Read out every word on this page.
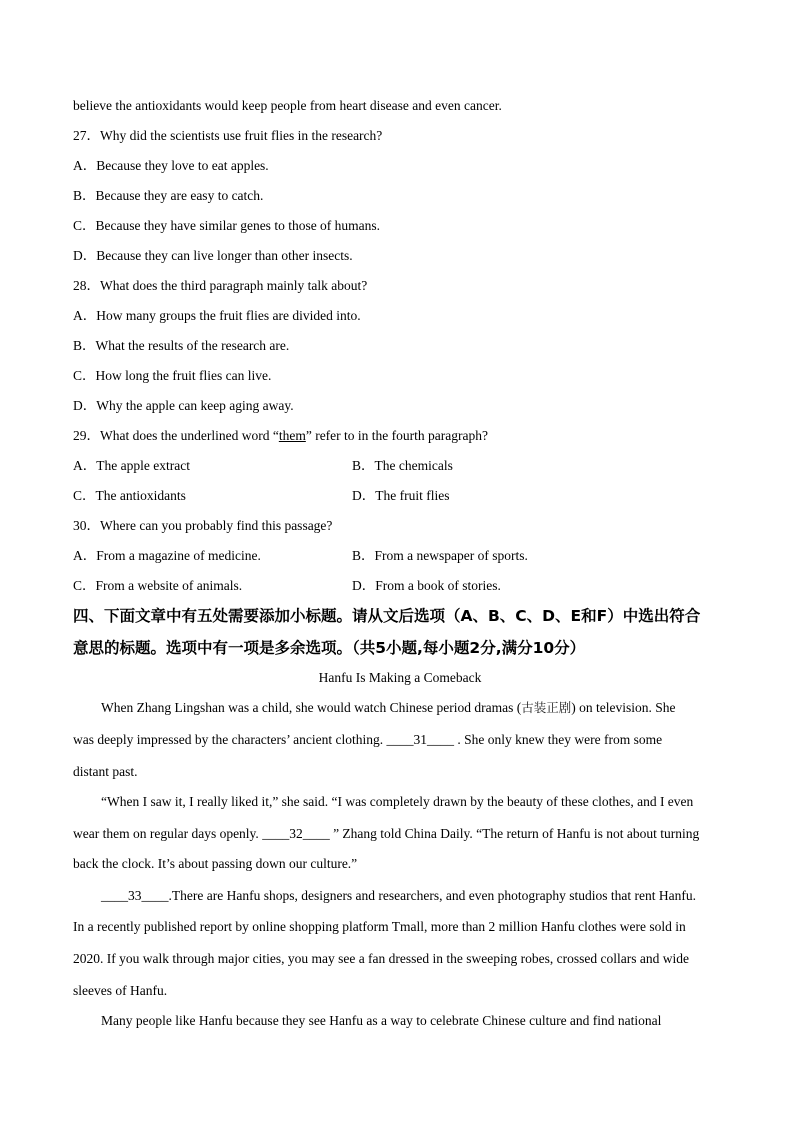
believe the antioxidants would keep people from heart disease and even cancer.
27．Why did the scientists use fruit flies in the research?
A．Because they love to eat apples.
B．Because they are easy to catch.
C．Because they have similar genes to those of humans.
D．Because they can live longer than other insects.
28．What does the third paragraph mainly talk about?
A．How many groups the fruit flies are divided into.
B．What the results of the research are.
C．How long the fruit flies can live.
D．Why the apple can keep aging away.
29．What does the underlined word “them” refer to in the fourth paragraph?
A．The apple extract	B．The chemicals
C．The antioxidants	D．The fruit flies
30．Where can you probably find this passage?
A．From a magazine of medicine.	B．From a newspaper of sports.
C．From a website of animals.	D．From a book of stories.
四、下面文章中有五处需要添加小标题。请从文后选项（A、B、C、D、E和F）中选出符合
意思的标题。选项中有一项是多余选项。（共5小题,每小题2分,满分10分）
Hanfu Is Making a Comeback
When Zhang Lingshan was a child, she would watch Chinese period dramas (古装正剧) on television. She
was deeply impressed by the characters’ ancient clothing. ____31____ . She only knew they were from some
distant past.
“When I saw it, I really liked it,” she said. “I was completely drawn by the beauty of these clothes, and I even
wear them on regular days openly. ____32____ ” Zhang told China Daily. “The return of Hanfu is not about turning
back the clock. It’s about passing down our culture.”
____33____.There are Hanfu shops, designers and researchers, and even photography studios that rent Hanfu.
In a recently published report by online shopping platform Tmall, more than 2 million Hanfu clothes were sold in
2020. If you walk through major cities, you may see a fan dressed in the sweeping robes, crossed collars and wide
sleeves of Hanfu.
Many people like Hanfu because they see Hanfu as a way to celebrate Chinese culture and find national
